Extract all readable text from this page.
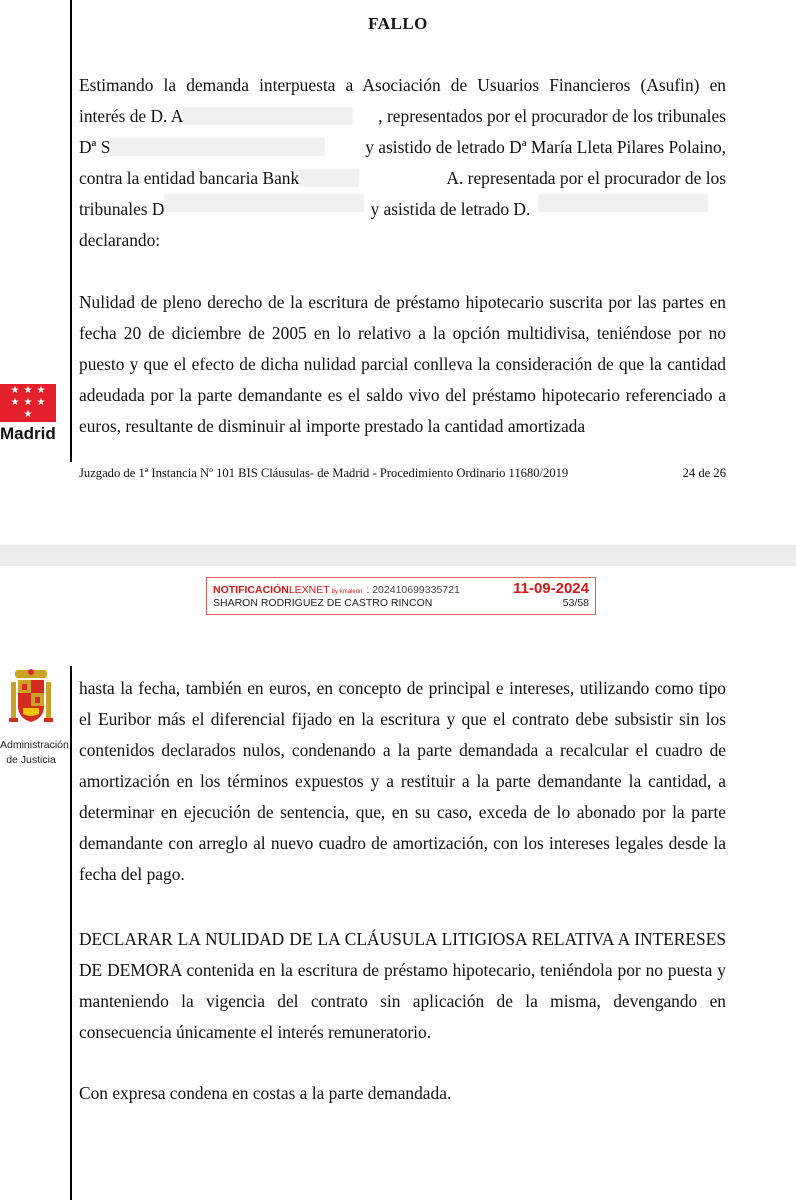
FALLO
Estimando la demanda interpuesta a Asociación de Usuarios Financieros (Asufin) en
interés de D. A	, representados por el procurador de los tribunales
Dª S	y asistido de letrado Dª María Lleta Pilares Polaino,
contra la entidad bancaria Bank	A. representada por el procurador de los
tribunales D	y asistida de letrado D.
declarando:
Nulidad de pleno derecho de la escritura de préstamo hipotecario suscrita por las partes en fecha 20 de diciembre de 2005 en lo relativo a la opción multidivisa, teniéndose por no puesto y que el efecto de dicha nulidad parcial conlleva la consideración de que la cantidad adeudada por la parte demandante es el saldo vivo del préstamo hipotecario referenciado a euros, resultante de disminuir al importe prestado la cantidad amortizada
★ ★ ★
★ ★ ★
★
Madrid
Juzgado de 1ª Instancia Nº 101 BIS Cláusulas- de Madrid - Procedimiento Ordinario 11680/2019	24 de 26
NOTIFICACIÓN LEXNET by kmaleon : 202410699335721	11-09-2024
SHARON RODRIGUEZ DE CASTRO RINCON	53/58
Administración
de Justicia
hasta la fecha, también en euros, en concepto de principal e intereses, utilizando como tipo el Euribor más el diferencial fijado en la escritura y que el contrato debe subsistir sin los contenidos declarados nulos, condenando a la parte demandada a recalcular el cuadro de amortización en los términos expuestos y a restituir a la parte demandante la cantidad, a determinar en ejecución de sentencia, que, en su caso, exceda de lo abonado por la parte demandante con arreglo al nuevo cuadro de amortización, con los intereses legales desde la fecha del pago.
DECLARAR LA NULIDAD DE LA CLÁUSULA LITIGIOSA RELATIVA A INTERESES DE DEMORA contenida en la escritura de préstamo hipotecario, teniéndola por no puesta y manteniendo la vigencia del contrato sin aplicación de la misma, devengando en consecuencia únicamente el interés remuneratorio.
Con expresa condena en costas a la parte demandada.
